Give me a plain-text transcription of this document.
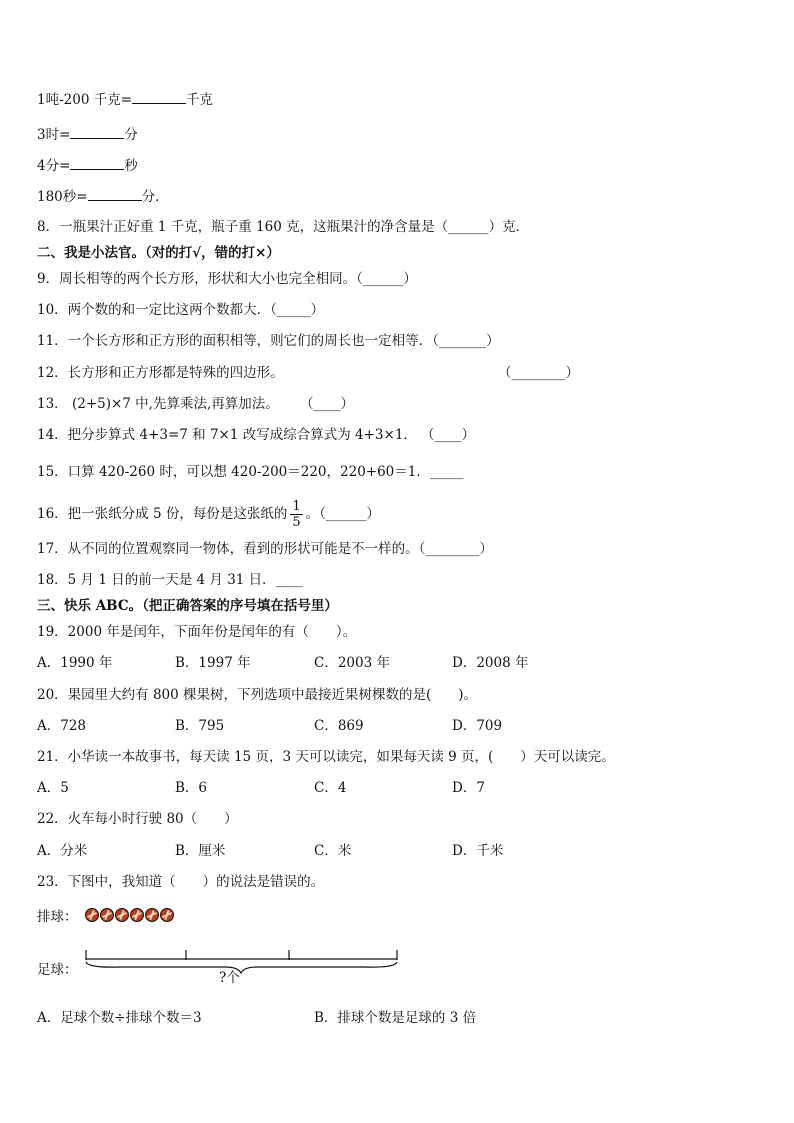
1吨-200 千克=	千克
3时=	分
4分=	秒
180秒=	分．
8．一瓶果汁正好重 1 千克，瓶子重 160 克，这瓶果汁的净含量是（______）克．
二、我是小法官。（对的打√，错的打×）
9．周长相等的两个长方形，形状和大小也完全相同。（______）
10．两个数的和一定比这两个数都大．（_____）
11．一个长方形和正方形的面积相等，则它们的周长也一定相等．（_______）
12．长方形和正方形都是特殊的四边形。	（________）
13． (2+5)×7 中,先算乘法,再算加法。 （____）
14．把分步算式 4+3=7 和 7×1 改写成综合算式为 4+3×1． （____）
15．口算 420-260 时，可以想 420-200＝220，220+60＝1．_____
16．把一张纸分成 5 份，每份是这张纸的 $\frac{1}{5}$ 。（______）
17．从不同的位置观察同一物体，看到的形状可能是不一样的。（________）
18．5 月 1 日的前一天是 4 月 31 日．____
三、快乐 ABC。（把正确答案的序号填在括号里）
19．2000 年是闰年，下面年份是闰年的有（　　）。
A．1990 年	B．1997 年	C．2003 年	D．2008 年
20．果园里大约有 800 棵果树，下列选项中最接近果树棵数的是(　　)。
A．728	B．795	C．869	D．709
21．小华读一本故事书，每天读 15 页，3 天可以读完，如果每天读 9 页，(　　）天可以读完。
A．5	B．6	C．4	D．7
22．火车每小时行驶 80（　　）
A．分米	B．厘米	C．米	D．千米
23．下图中，我知道（　　）的说法是错误的。
排球：
足球：	?个
A．足球个数÷排球个数＝3	B．排球个数是足球的 3 倍
